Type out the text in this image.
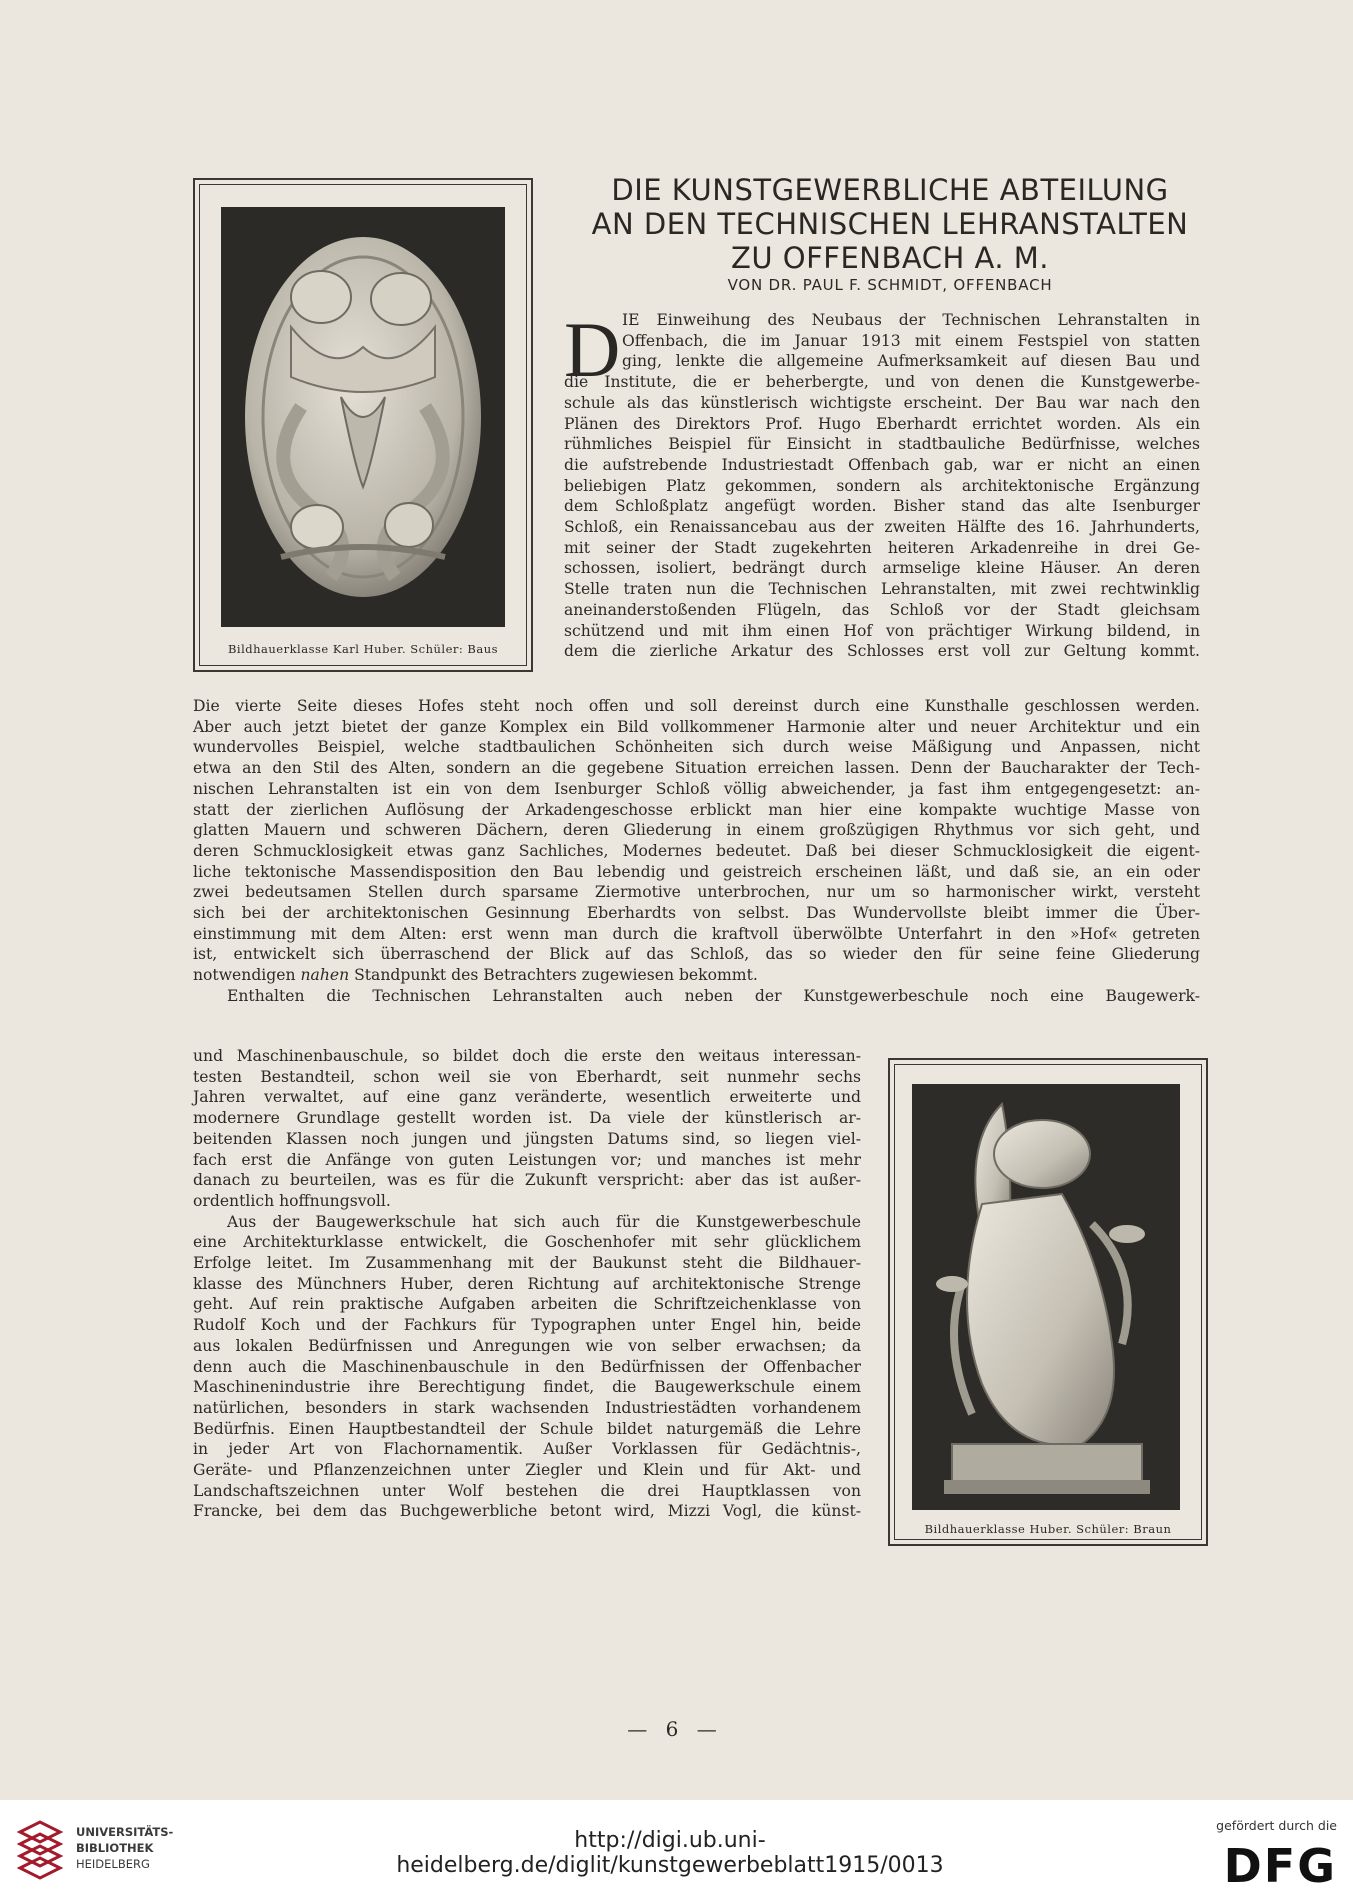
DIE KUNSTGEWERBLICHE ABTEILUNG
AN DEN TECHNISCHEN LEHRANSTALTEN
ZU OFFENBACH A. M.
VON DR. PAUL F. SCHMIDT, OFFENBACH
Bildhauerklasse Karl Huber. Schüler: Baus
Bildhauerklasse Huber. Schüler: Braun
D IE Einweihung des Neubaus der Technischen Lehranstalten in
Offenbach, die im Januar 1913 mit einem Festspiel von statten
ging, lenkte die allgemeine Aufmerksamkeit auf diesen Bau und
die Institute, die er beherbergte, und von denen die Kunstgewerbe-
schule als das künstlerisch wichtigste erscheint. Der Bau war nach den
Plänen des Direktors Prof. Hugo Eberhardt errichtet worden. Als ein
rühmliches Beispiel für Einsicht in stadtbauliche Bedürfnisse, welches
die aufstrebende Industriestadt Offenbach gab, war er nicht an einen
beliebigen Platz gekommen, sondern als architektonische Ergänzung
dem Schloßplatz angefügt worden. Bisher stand das alte Isenburger
Schloß, ein Renaissancebau aus der zweiten Hälfte des 16. Jahrhunderts,
mit seiner der Stadt zugekehrten heiteren Arkadenreihe in drei Ge-
schossen, isoliert, bedrängt durch armselige kleine Häuser. An deren
Stelle traten nun die Technischen Lehranstalten, mit zwei rechtwinklig
aneinanderstoßenden Flügeln, das Schloß vor der Stadt gleichsam
schützend und mit ihm einen Hof von prächtiger Wirkung bildend, in
dem die zierliche Arkatur des Schlosses erst voll zur Geltung kommt.
Die vierte Seite dieses Hofes steht noch offen und soll dereinst durch eine Kunsthalle geschlossen werden.
Aber auch jetzt bietet der ganze Komplex ein Bild vollkommener Harmonie alter und neuer Architektur und ein
wundervolles Beispiel, welche stadtbaulichen Schönheiten sich durch weise Mäßigung und Anpassen, nicht
etwa an den Stil des Alten, sondern an die gegebene Situation erreichen lassen. Denn der Baucharakter der Tech-
nischen Lehranstalten ist ein von dem Isenburger Schloß völlig abweichender, ja fast ihm entgegengesetzt: an-
statt der zierlichen Auflösung der Arkadengeschosse erblickt man hier eine kompakte wuchtige Masse von
glatten Mauern und schweren Dächern, deren Gliederung in einem großzügigen Rhythmus vor sich geht, und
deren Schmucklosigkeit etwas ganz Sachliches, Modernes bedeutet. Daß bei dieser Schmucklosigkeit die eigent-
liche tektonische Massendisposition den Bau lebendig und geistreich erscheinen läßt, und daß sie, an ein oder
zwei bedeutsamen Stellen durch sparsame Ziermotive unterbrochen, nur um so harmonischer wirkt, versteht
sich bei der architektonischen Gesinnung Eberhardts von selbst. Das Wundervollste bleibt immer die Über-
einstimmung mit dem Alten: erst wenn man durch die kraftvoll überwölbte Unterfahrt in den »Hof« getreten
ist, entwickelt sich überraschend der Blick auf das Schloß, das so wieder den für seine feine Gliederung
notwendigen nahen Standpunkt des Betrachters zugewiesen bekommt.
Enthalten die Technischen Lehranstalten auch neben der Kunstgewerbeschule noch eine Baugewerk-
und Maschinenbauschule, so bildet doch die erste den weitaus interessan-
testen Bestandteil, schon weil sie von Eberhardt, seit nunmehr sechs
Jahren verwaltet, auf eine ganz veränderte, wesentlich erweiterte und
modernere Grundlage gestellt worden ist. Da viele der künstlerisch ar-
beitenden Klassen noch jungen und jüngsten Datums sind, so liegen viel-
fach erst die Anfänge von guten Leistungen vor; und manches ist mehr
danach zu beurteilen, was es für die Zukunft verspricht: aber das ist außer-
ordentlich hoffnungsvoll.
Aus der Baugewerkschule hat sich auch für die Kunstgewerbeschule
eine Architekturklasse entwickelt, die Goschenhofer mit sehr glücklichem
Erfolge leitet. Im Zusammenhang mit der Baukunst steht die Bildhauer-
klasse des Münchners Huber, deren Richtung auf architektonische Strenge
geht. Auf rein praktische Aufgaben arbeiten die Schriftzeichenklasse von
Rudolf Koch und der Fachkurs für Typographen unter Engel hin, beide
aus lokalen Bedürfnissen und Anregungen wie von selber erwachsen; da
denn auch die Maschinenbauschule in den Bedürfnissen der Offenbacher
Maschinenindustrie ihre Berechtigung findet, die Baugewerkschule einem
natürlichen, besonders in stark wachsenden Industriestädten vorhandenem
Bedürfnis. Einen Hauptbestandteil der Schule bildet naturgemäß die Lehre
in jeder Art von Flachornamentik. Außer Vorklassen für Gedächtnis-,
Geräte- und Pflanzenzeichnen unter Ziegler und Klein und für Akt- und
Landschaftszeichnen unter Wolf bestehen die drei Hauptklassen von
Francke, bei dem das Buchgewerbliche betont wird, Mizzi Vogl, die künst-
— 6 —
UNIVERSITÄTS-
BIBLIOTHEK
HEIDELBERG
http://digi.ub.uni-heidelberg.de/diglit/kunstgewerbeblatt1915/0013
gefördert durch die
DFG
